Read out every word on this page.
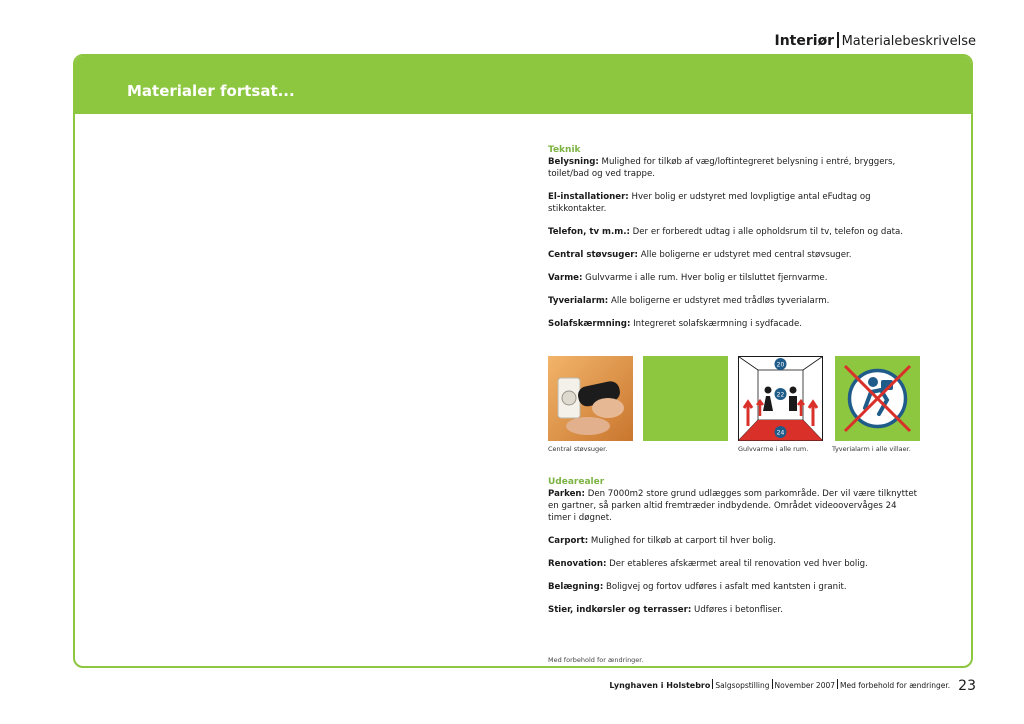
Interiør Materialebeskrivelse
Materialer fortsat...

Teknik

Belysning: Mulighed for tilkøb af væg/loftintegreret belysning i entré, bryggers, toilet/bad og ved trappe.

El-installationer: Hver bolig er udstyret med lovpligtige antal eFudtag og stikkontakter.

Telefon, tv m.m.: Der er forberedt udtag i alle opholdsrum til tv, telefon og data.

Central støvsuger: Alle boligerne er udstyret med central støvsuger.

Varme: Gulvvarme i alle rum. Hver bolig er tilsluttet fjernvarme.

Tyverialarm: Alle boligerne er udstyret med trådløs tyverialarm.

Solafskærmning: Integreret solafskærmning i sydfacade.

20
22
24
Central støvsuger.	Gulvvarme i alle rum.	Tyverialarm i alle villaer.

Udearealer

Parken: Den 7000m2 store grund udlægges som parkområde. Der vil være tilknyttet en gartner, så parken altid fremtræder indbydende. Området videoovervåges 24 timer i døgnet.

Carport: Mulighed for tilkøb at carport til hver bolig.

Renovation: Der etableres afskærmet areal til renovation ved hver bolig.

Belægning: Boligvej og fortov udføres i asfalt med kantsten i granit.

Stier, indkørsler og terrasser: Udføres i betonfliser.

Med forbehold for ændringer.
Lynghaven i Holstebro Salgsopstilling November 2007 Med forbehold for ændringer. 23
